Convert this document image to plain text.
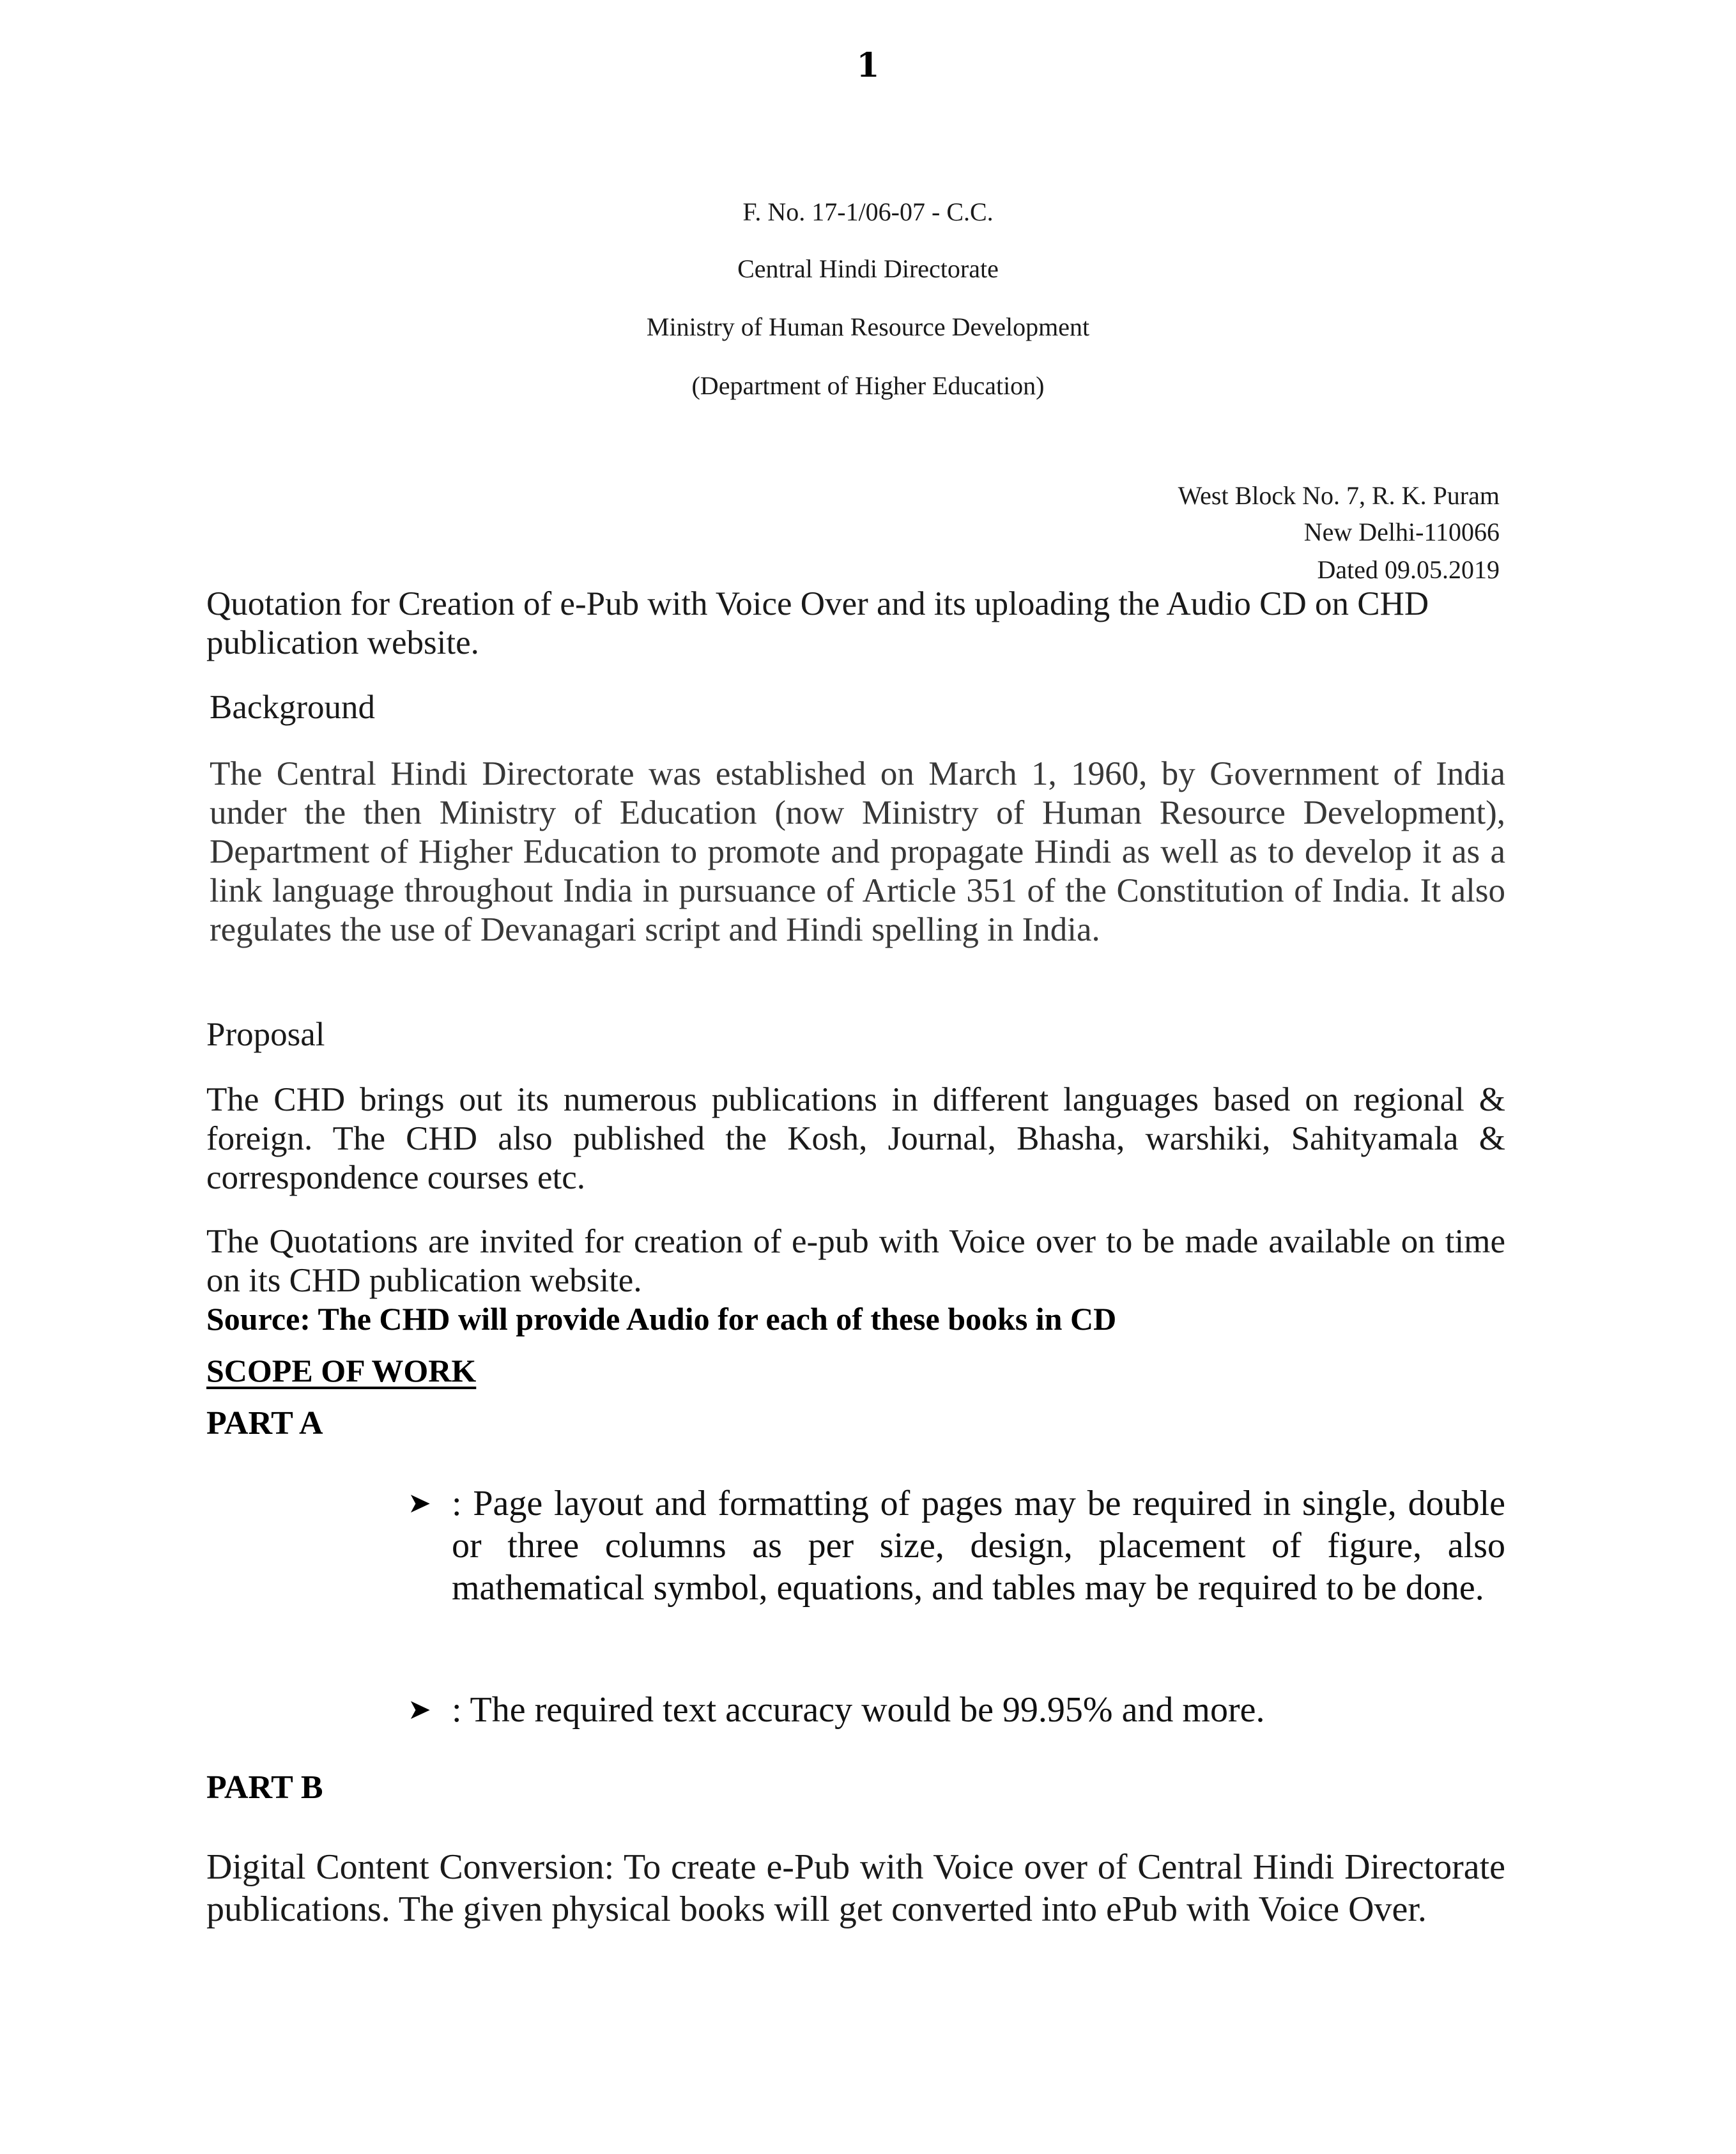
1
F. No. 17-1/06-07 - C.C.
Central Hindi Directorate
Ministry of Human Resource Development
(Department of Higher Education)
West Block No. 7, R. K. Puram
New Delhi-110066
Dated 09.05.2019
Quotation for Creation of e-Pub with Voice Over and its uploading the Audio CD on CHD publication website.
Background
The Central Hindi Directorate was established on March 1, 1960, by Government of India under the then Ministry of Education (now Ministry of Human Resource Development), Department of Higher Education to promote and propagate Hindi as well as to develop it as a link language throughout India in pursuance of Article 351 of the Constitution of India. It also regulates the use of Devanagari script and Hindi spelling in India.
Proposal
The CHD brings out its numerous publications in different languages based on regional & foreign. The CHD also published the Kosh, Journal, Bhasha, warshiki, Sahityamala & correspondence courses etc.
The Quotations are invited for creation of e-pub with Voice over to be made available on time on its CHD publication website.
Source: The CHD will provide Audio for each of these books in CD
SCOPE OF WORK
PART A
➤ : Page layout and formatting of pages may be required in single, double or three columns as per size, design, placement of figure, also mathematical symbol, equations, and tables may be required to be done.
➤ : The required text accuracy would be 99.95% and more.
PART B
Digital Content Conversion: To create e-Pub with Voice over of Central Hindi Directorate publications. The given physical books will get converted into ePub with Voice Over.
